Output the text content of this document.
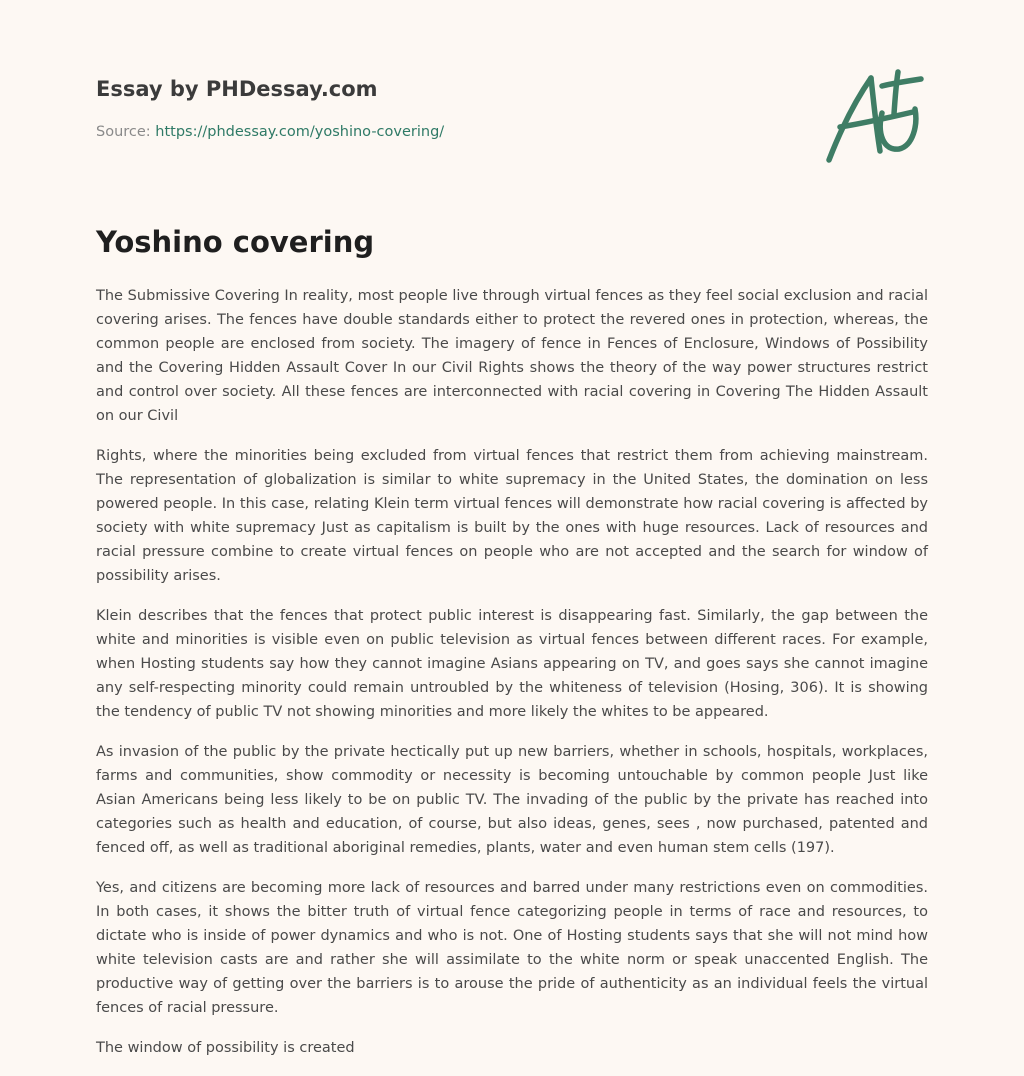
Essay by PHDessay.com
Source: https://phdessay.com/yoshino-covering/
Yoshino covering

The Submissive Covering In reality, most people live through virtual fences as they feel social exclusion and racial covering arises. The fences have double standards either to protect the revered ones in protection, whereas, the common people are enclosed from society. The imagery of fence in Fences of Enclosure, Windows of Possibility and the Covering Hidden Assault Cover In our Civil Rights shows the theory of the way power structures restrict and control over society. All these fences are interconnected with racial covering in Covering The Hidden Assault on our Civil

Rights, where the minorities being excluded from virtual fences that restrict them from achieving mainstream. The representation of globalization is similar to white supremacy in the United States, the domination on less powered people. In this case, relating Klein term virtual fences will demonstrate how racial covering is affected by society with white supremacy Just as capitalism is built by the ones with huge resources. Lack of resources and racial pressure combine to create virtual fences on people who are not accepted and the search for window of possibility arises.

Klein describes that the fences that protect public interest is disappearing fast. Similarly, the gap between the white and minorities is visible even on public television as virtual fences between different races. For example, when Hosting students say how they cannot imagine Asians appearing on TV, and goes says she cannot imagine any self-respecting minority could remain untroubled by the whiteness of television (Hosing, 306). It is showing the tendency of public TV not showing minorities and more likely the whites to be appeared.

As invasion of the public by the private hectically put up new barriers, whether in schools, hospitals, workplaces, farms and communities, show commodity or necessity is becoming untouchable by common people Just like Asian Americans being less likely to be on public TV. The invading of the public by the private has reached into categories such as health and education, of course, but also ideas, genes, sees , now purchased, patented and fenced off, as well as traditional aboriginal remedies, plants, water and even human stem cells (197).

Yes, and citizens are becoming more lack of resources and barred under many restrictions even on commodities. In both cases, it shows the bitter truth of virtual fence categorizing people in terms of race and resources, to dictate who is inside of power dynamics and who is not. One of Hosting students says that she will not mind how white television casts are and rather she will assimilate to the white norm or speak unaccented English. The productive way of getting over the barriers is to arouse the pride of authenticity as an individual feels the virtual fences of racial pressure.

The window of possibility is created
